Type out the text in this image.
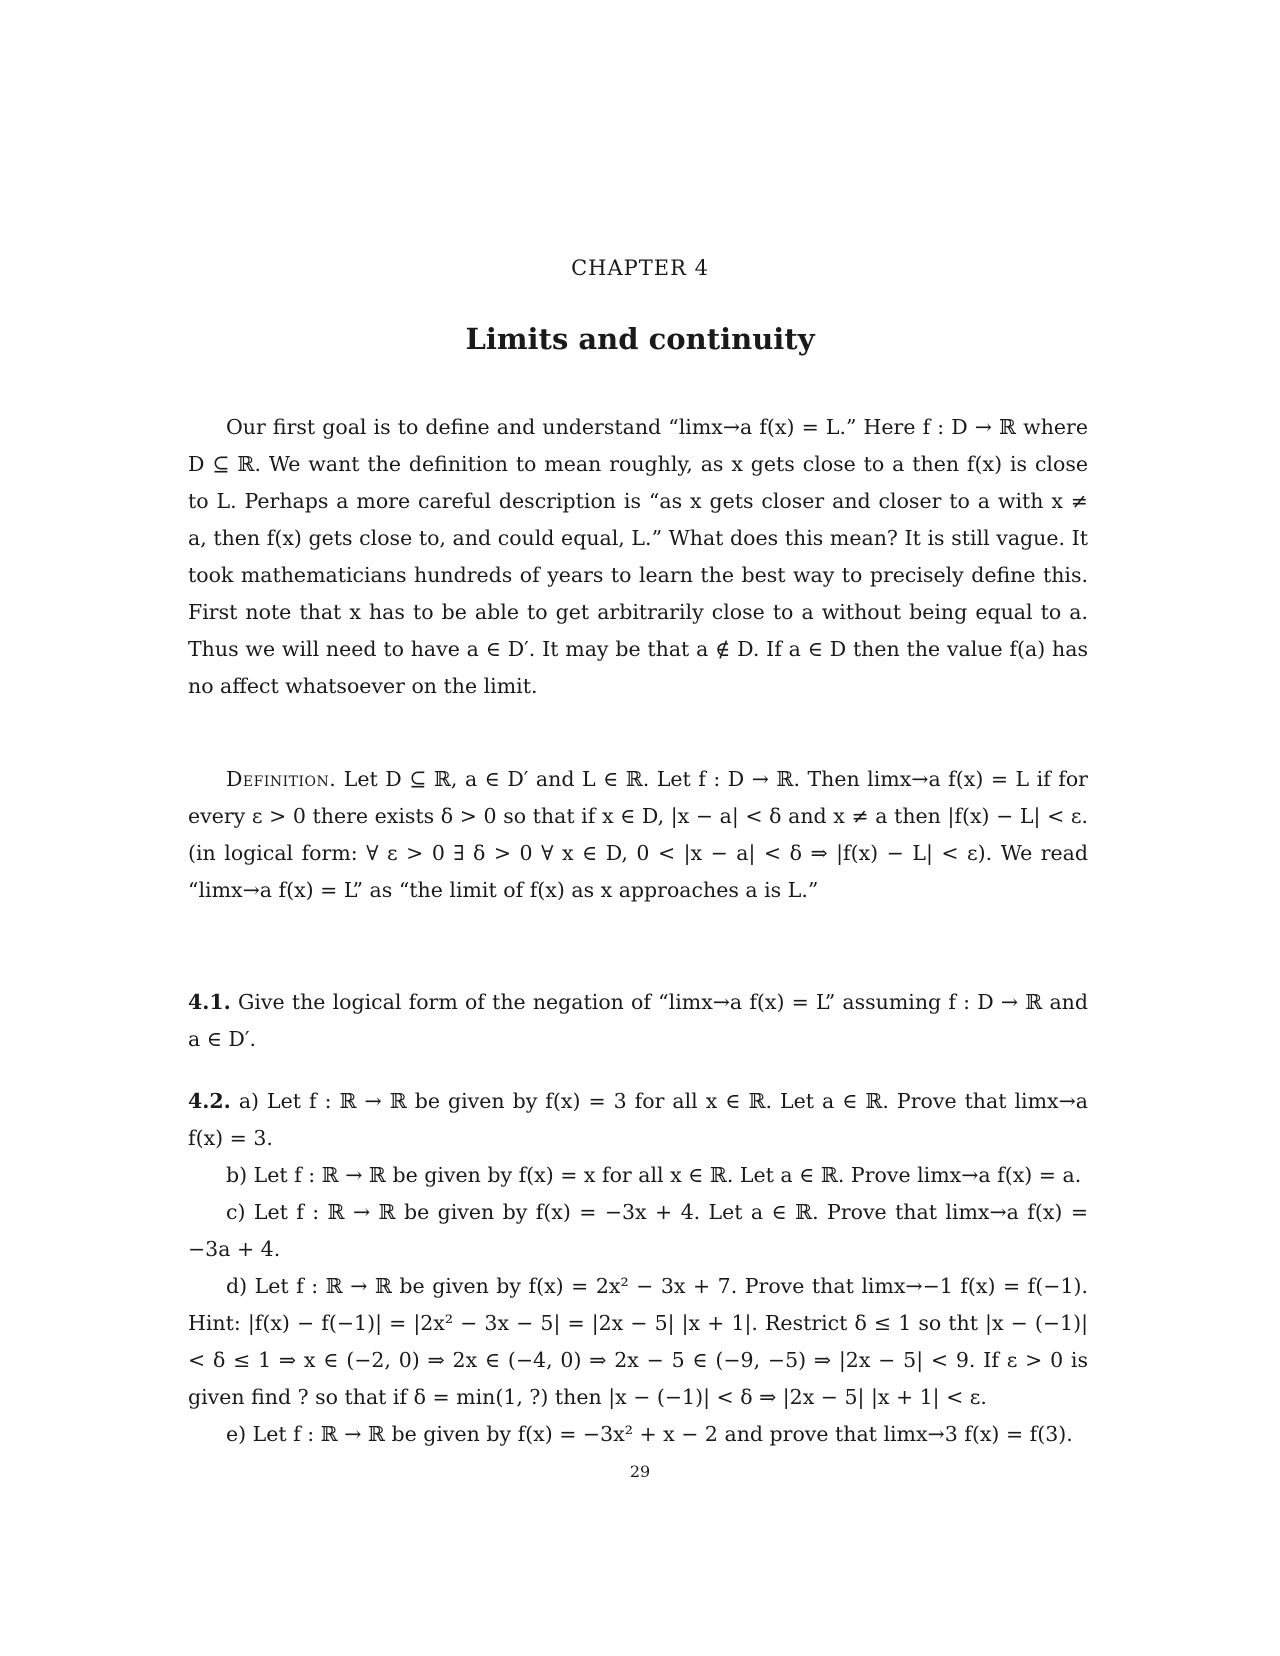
CHAPTER 4
Limits and continuity
Our first goal is to define and understand “limx→a f(x) = L.” Here f : D → ℝ where D ⊆ ℝ. We want the definition to mean roughly, as x gets close to a then f(x) is close to L. Perhaps a more careful description is “as x gets closer and closer to a with x ≠ a, then f(x) gets close to, and could equal, L.” What does this mean? It is still vague. It took mathematicians hundreds of years to learn the best way to precisely define this. First note that x has to be able to get arbitrarily close to a without being equal to a. Thus we will need to have a ∈ D′. It may be that a ∉ D. If a ∈ D then the value f(a) has no affect whatsoever on the limit.
Definition. Let D ⊆ ℝ, a ∈ D′ and L ∈ ℝ. Let f : D → ℝ. Then limx→a f(x) = L if for every ε > 0 there exists δ > 0 so that if x ∈ D, |x − a| < δ and x ≠ a then |f(x) − L| < ε. (in logical form: ∀ ε > 0 ∃ δ > 0 ∀ x ∈ D, 0 < |x − a| < δ ⇒ |f(x) − L| < ε). We read “limx→a f(x) = L” as “the limit of f(x) as x approaches a is L.”
4.1. Give the logical form of the negation of “limx→a f(x) = L” assuming f : D → ℝ and a ∈ D′.
4.2. a) Let f : ℝ → ℝ be given by f(x) = 3 for all x ∈ ℝ. Let a ∈ ℝ. Prove that limx→a f(x) = 3.
b) Let f : ℝ → ℝ be given by f(x) = x for all x ∈ ℝ. Let a ∈ ℝ. Prove limx→a f(x) = a.
c) Let f : ℝ → ℝ be given by f(x) = −3x + 4. Let a ∈ ℝ. Prove that limx→a f(x) = −3a + 4.
d) Let f : ℝ → ℝ be given by f(x) = 2x² − 3x + 7. Prove that limx→−1 f(x) = f(−1). Hint: |f(x) − f(−1)| = |2x² − 3x − 5| = |2x − 5| |x + 1|. Restrict δ ≤ 1 so tht |x − (−1)| < δ ≤ 1 ⇒ x ∈ (−2, 0) ⇒ 2x ∈ (−4, 0) ⇒ 2x − 5 ∈ (−9, −5) ⇒ |2x − 5| < 9. If ε > 0 is given find ? so that if δ = min(1, ?) then |x − (−1)| < δ ⇒ |2x − 5| |x + 1| < ε.
e) Let f : ℝ → ℝ be given by f(x) = −3x² + x − 2 and prove that limx→3 f(x) = f(3).
29
